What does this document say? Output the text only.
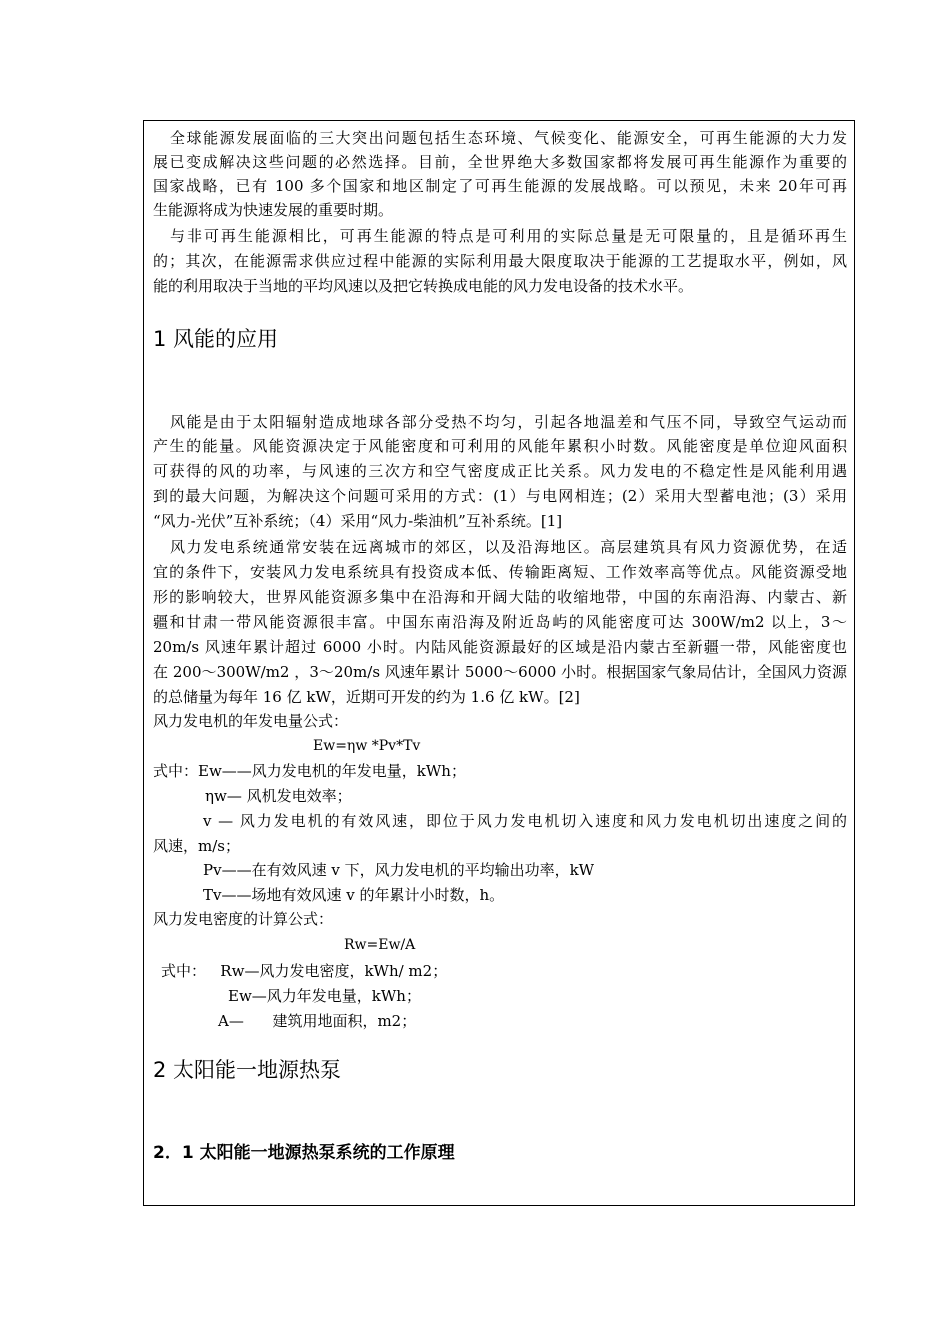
全球能源发展面临的三大突出问题包括生态环境、气候变化、能源安全，可再生能源的大力发
展已变成解决这些问题的必然选择。目前，全世界绝大多数国家都将发展可再生能源作为重要的
国家战略，已有 100 多个国家和地区制定了可再生能源的发展战略。可以预见，未来 20年可再
生能源将成为快速发展的重要时期。
与非可再生能源相比，可再生能源的特点是可利用的实际总量是无可限量的，且是循环再生
的；其次，在能源需求供应过程中能源的实际利用最大限度取决于能源的工艺提取水平，例如，风
能的利用取决于当地的平均风速以及把它转换成电能的风力发电设备的技术水平。
1 风能的应用
风能是由于太阳辐射造成地球各部分受热不均匀，引起各地温差和气压不同，导致空气运动而
产生的能量。风能资源决定于风能密度和可利用的风能年累积小时数。风能密度是单位迎风面积
可获得的风的功率，与风速的三次方和空气密度成正比关系。风力发电的不稳定性是风能利用遇
到的最大问题，为解决这个问题可采用的方式：(1）与电网相连；(2）采用大型蓄电池；(3）采用
“风力-光伏”互补系统；（4）采用“风力-柴油机”互补系统。[1]
风力发电系统通常安装在远离城市的郊区，以及沿海地区。高层建筑具有风力资源优势，在适
宜的条件下，安装风力发电系统具有投资成本低、传输距离短、工作效率高等优点。风能资源受地
形的影响较大，世界风能资源多集中在沿海和开阔大陆的收缩地带，中国的东南沿海、内蒙古、新
疆和甘肃一带风能资源很丰富。中国东南沿海及附近岛屿的风能密度可达 300W/m2 以上，3～
20m/s 风速年累计超过 6000 小时。内陆风能资源最好的区域是沿内蒙古至新疆一带，风能密度也
在 200～300W/m2 ，3～20m/s 风速年累计 5000～6000 小时。根据国家气象局估计，全国风力资源
的总储量为每年 16 亿 kW，近期可开发的约为 1.6 亿 kW。[2]
风力发电机的年发电量公式：
Ew=ηw *Pv*Tv
式中：Ew——风力发电机的年发电量，kWh；
ηw— 风机发电效率；
v — 风力发电机的有效风速，即位于风力发电机切入速度和风力发电机切出速度之间的
风速，m/s；
Pv——在有效风速 v 下，风力发电机的平均输出功率，kW
Tv——场地有效风速 v 的年累计小时数，h。
风力发电密度的计算公式：
Rw=Ew/A
式中：   Rw—风力发电密度，kWh/ m2；
Ew—风力年发电量，kWh；
A—      建筑用地面积，m2；
2 太阳能一地源热泵
2．1 太阳能一地源热泵系统的工作原理
